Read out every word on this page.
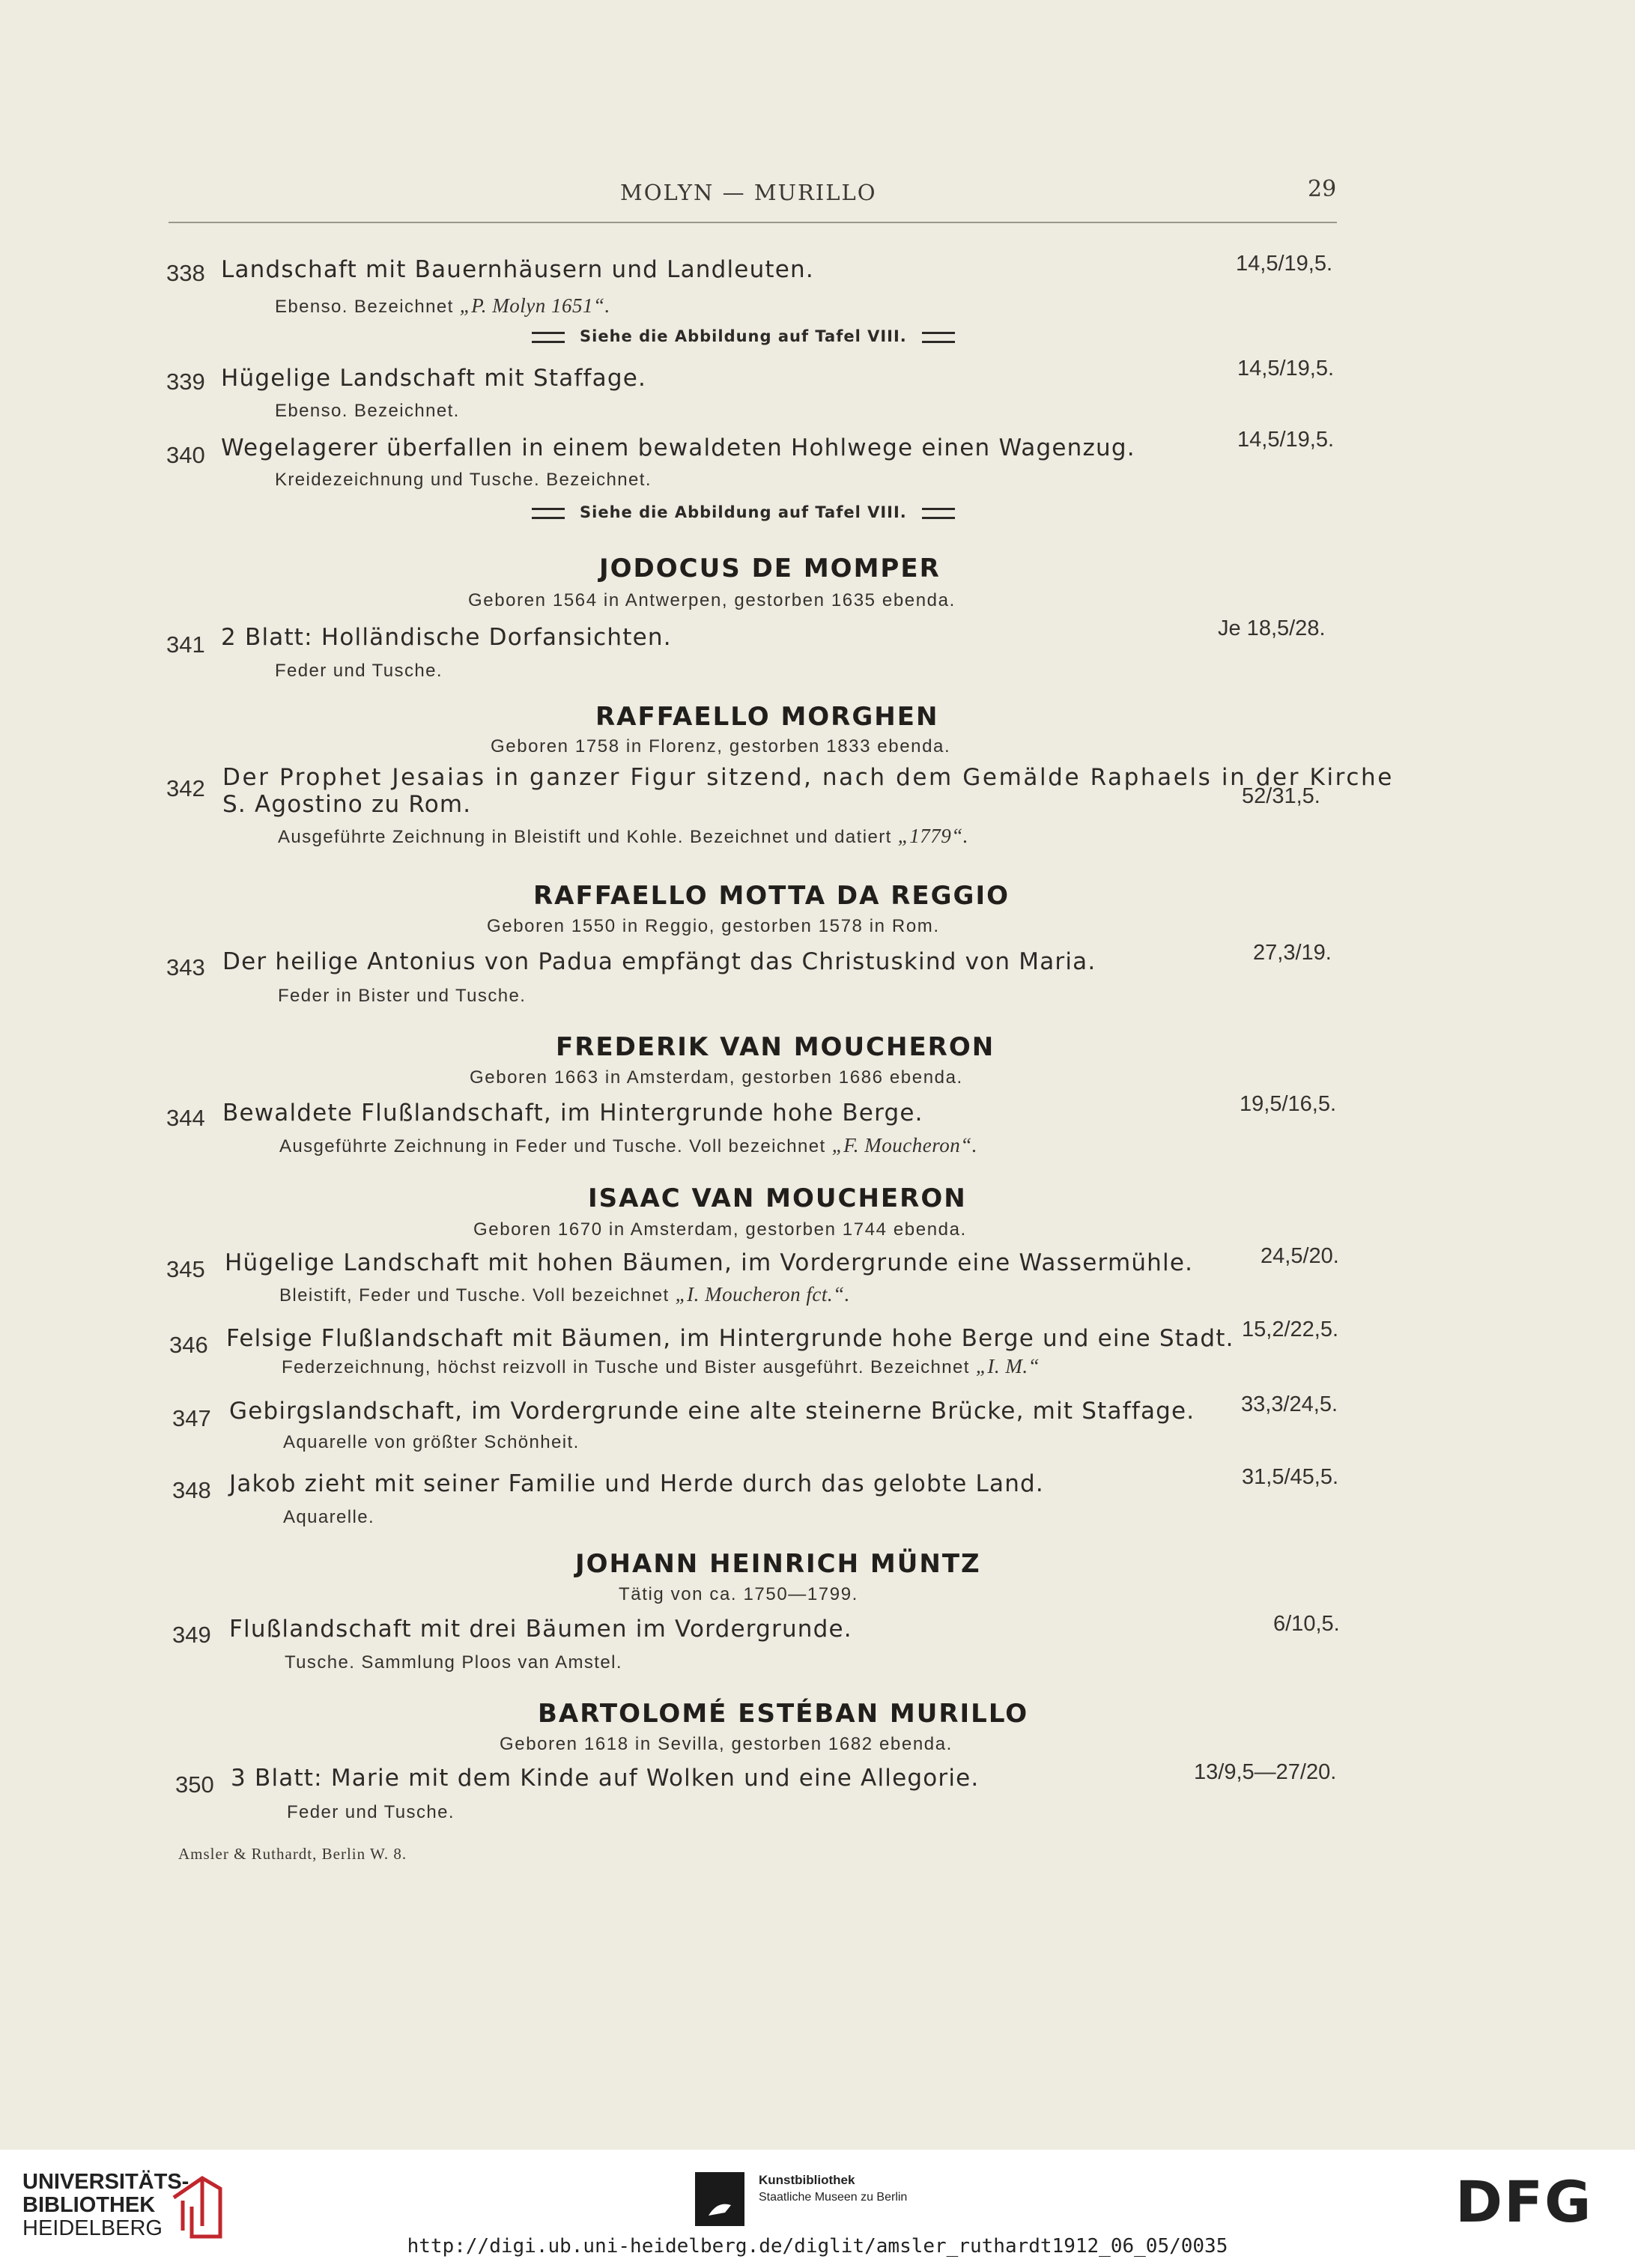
MOLYN — MURILLO	29
338 Landschaft mit Bauernhäusern und Landleuten.	14,5/19,5.
Ebenso. Bezeichnet „P. Molyn 1651“.
Siehe die Abbildung auf Tafel VIII.
339 Hügelige Landschaft mit Staffage.	14,5/19,5.
Ebenso. Bezeichnet.
340 Wegelagerer überfallen in einem bewaldeten Hohlwege einen Wagenzug.	14,5/19,5.
Kreidezeichnung und Tusche. Bezeichnet.
Siehe die Abbildung auf Tafel VIII.
JODOCUS DE MOMPER
Geboren 1564 in Antwerpen, gestorben 1635 ebenda.
341 2 Blatt: Holländische Dorfansichten.	Je 18,5/28.
Feder und Tusche.
RAFFAELLO MORGHEN
Geboren 1758 in Florenz, gestorben 1833 ebenda.
342 Der Prophet Jesaias in ganzer Figur sitzend, nach dem Gemälde Raphaels in der Kirche
S. Agostino zu Rom.	52/31,5.
Ausgeführte Zeichnung in Bleistift und Kohle. Bezeichnet und datiert „1779“.
RAFFAELLO MOTTA DA REGGIO
Geboren 1550 in Reggio, gestorben 1578 in Rom.
343 Der heilige Antonius von Padua empfängt das Christuskind von Maria.	27,3/19.
Feder in Bister und Tusche.
FREDERIK VAN MOUCHERON
Geboren 1663 in Amsterdam, gestorben 1686 ebenda.
344 Bewaldete Flußlandschaft, im Hintergrunde hohe Berge.	19,5/16,5.
Ausgeführte Zeichnung in Feder und Tusche. Voll bezeichnet „F. Moucheron“.
ISAAC VAN MOUCHERON
Geboren 1670 in Amsterdam, gestorben 1744 ebenda.
345 Hügelige Landschaft mit hohen Bäumen, im Vordergrunde eine Wassermühle.	24,5/20.
Bleistift, Feder und Tusche. Voll bezeichnet „I. Moucheron fct.“.
346 Felsige Flußlandschaft mit Bäumen, im Hintergrunde hohe Berge und eine Stadt. 15,2/22,5.
Federzeichnung, höchst reizvoll in Tusche und Bister ausgeführt. Bezeichnet „I. M.“
347 Gebirgslandschaft, im Vordergrunde eine alte steinerne Brücke, mit Staffage. 33,3/24,5.
Aquarelle von größter Schönheit.
348 Jakob zieht mit seiner Familie und Herde durch das gelobte Land.	31,5/45,5.
Aquarelle.
JOHANN HEINRICH MÜNTZ
Tätig von ca. 1750—1799.
349 Flußlandschaft mit drei Bäumen im Vordergrunde.	6/10,5.
Tusche. Sammlung Ploos van Amstel.
BARTOLOMÉ ESTÉBAN MURILLO
Geboren 1618 in Sevilla, gestorben 1682 ebenda.
350 3 Blatt: Marie mit dem Kinde auf Wolken und eine Allegorie.	13/9,5—27/20.
Feder und Tusche.
Amsler & Ruthardt, Berlin W. 8.
UNIVERSITÄTS-
BIBLIOTHEK
HEIDELBERG
Kunstbibliothek
Staatliche Museen zu Berlin	DFG
http://digi.ub.uni-heidelberg.de/diglit/amsler_ruthardt1912_06_05/0035
